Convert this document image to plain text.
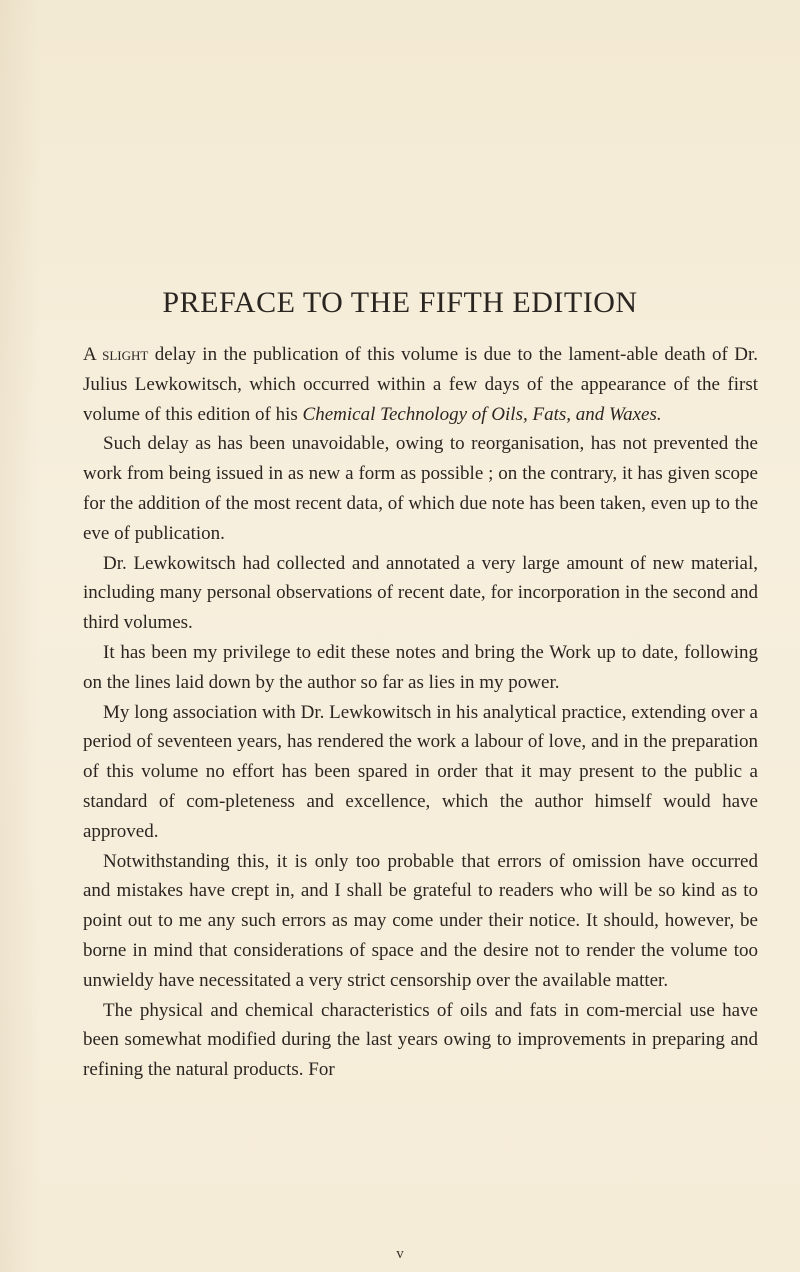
PREFACE TO THE FIFTH EDITION

A slight delay in the publication of this volume is due to the lament-able death of Dr. Julius Lewkowitsch, which occurred within a few days of the appearance of the first volume of this edition of his Chemical Technology of Oils, Fats, and Waxes.

Such delay as has been unavoidable, owing to reorganisation, has not prevented the work from being issued in as new a form as possible ; on the contrary, it has given scope for the addition of the most recent data, of which due note has been taken, even up to the eve of publication.

Dr. Lewkowitsch had collected and annotated a very large amount of new material, including many personal observations of recent date, for incorporation in the second and third volumes.

It has been my privilege to edit these notes and bring the Work up to date, following on the lines laid down by the author so far as lies in my power.

My long association with Dr. Lewkowitsch in his analytical practice, extending over a period of seventeen years, has rendered the work a labour of love, and in the preparation of this volume no effort has been spared in order that it may present to the public a standard of com-pleteness and excellence, which the author himself would have approved.

Notwithstanding this, it is only too probable that errors of omission have occurred and mistakes have crept in, and I shall be grateful to readers who will be so kind as to point out to me any such errors as may come under their notice. It should, however, be borne in mind that considerations of space and the desire not to render the volume too unwieldy have necessitated a very strict censorship over the available matter.

The physical and chemical characteristics of oils and fats in com-mercial use have been somewhat modified during the last years owing to improvements in preparing and refining the natural products. For

v
